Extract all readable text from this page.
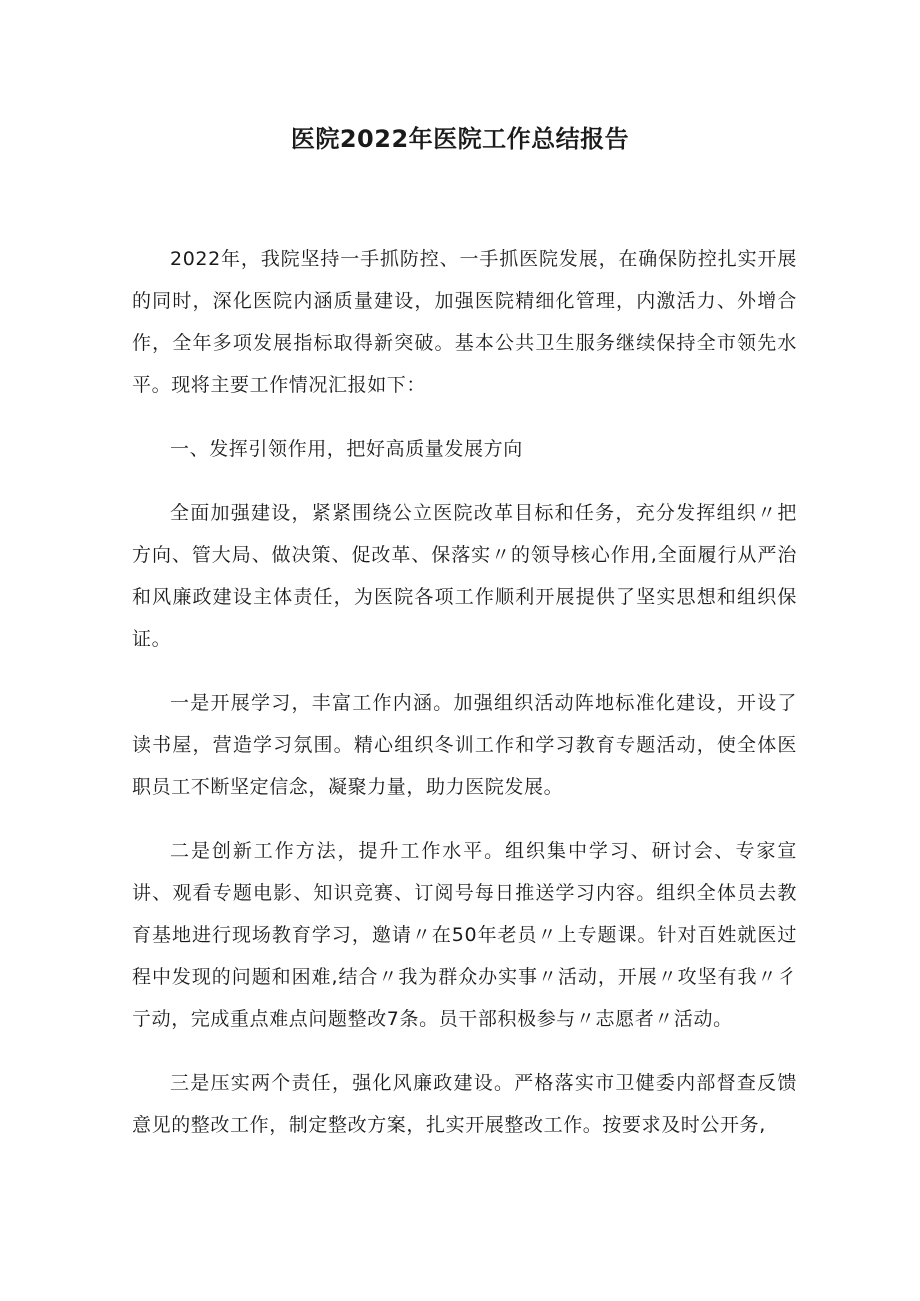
医院2022年医院工作总结报告

2022年，我院坚持一手抓防控、一手抓医院发展，在确保防控扎实开展的同时，深化医院内涵质量建设，加强医院精细化管理，内激活力、外增合作，全年多项发展指标取得新突破。基本公共卫生服务继续保持全市领先水平。现将主要工作情况汇报如下：

一、发挥引领作用，把好高质量发展方向

全面加强建设，紧紧围绕公立医院改革目标和任务，充分发挥组织〃把方向、管大局、做决策、促改革、保落实〃的领导核心作用,全面履行从严治和风廉政建设主体责任，为医院各项工作顺利开展提供了坚实思想和组织保证。

一是开展学习，丰富工作内涵。加强组织活动阵地标准化建设，开设了读书屋，营造学习氛围。精心组织冬训工作和学习教育专题活动，使全体医职员工不断坚定信念，凝聚力量，助力医院发展。

二是创新工作方法，提升工作水平。组织集中学习、研讨会、专家宣讲、观看专题电影、知识竞赛、订阅号每日推送学习内容。组织全体员去教育基地进行现场教育学习，邀请〃在50年老员〃上专题课。针对百姓就医过程中发现的问题和困难,结合〃我为群众办实事〃活动，开展〃攻坚有我〃彳亍动，完成重点难点问题整改7条。员干部积极参与〃志愿者〃活动。

三是压实两个责任，强化风廉政建设。严格落实市卫健委内部督查反馈意见的整改工作，制定整改方案，扎实开展整改工作。按要求及时公开务,
